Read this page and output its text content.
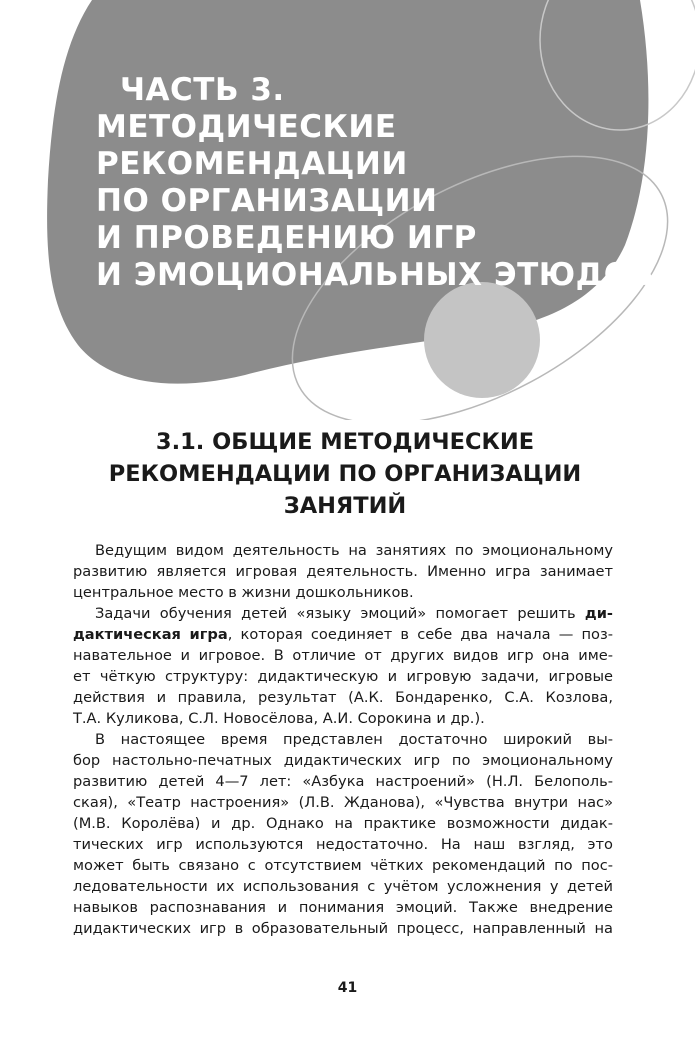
ЧАСТЬ 3.
МЕТОДИЧЕСКИЕ
РЕКОМЕНДАЦИИ
ПО ОРГАНИЗАЦИИ
И ПРОВЕДЕНИЮ ИГР
И ЭМОЦИОНАЛЬНЫХ ЭТЮДОВ
3.1. ОБЩИЕ МЕТОДИЧЕСКИЕ
РЕКОМЕНДАЦИИ ПО ОРГАНИЗАЦИИ
ЗАНЯТИЙ
Ведущим видом деятельность на занятиях по эмоциональному
развитию является игровая деятельность. Именно игра занимает
центральное место в жизни дошкольников.
Задачи обучения детей «языку эмоций» помогает решить ди-
дактическая игра, которая соединяет в себе два начала — поз-
навательное и игровое. В отличие от других видов игр она име-
ет чёткую структуру: дидактическую и игровую задачи, игровые
действия и правила, результат (А.К. Бондаренко, С.А. Козлова,
Т.А. Куликова, С.Л. Новосёлова, А.И. Сорокина и др.).
В настоящее время представлен достаточно широкий вы-
бор настольно-печатных дидактических игр по эмоциональному
развитию детей 4—7 лет: «Азбука настроений» (Н.Л. Белополь-
ская), «Театр настроения» (Л.В. Жданова), «Чувства внутри нас»
(М.В. Королёва) и др. Однако на практике возможности дидак-
тических игр используются недостаточно. На наш взгляд, это
может быть связано с отсутствием чётких рекомендаций по пос-
ледовательности их использования с учётом усложнения у детей
навыков распознавания и понимания эмоций. Также внедрение
дидактических игр в образовательный процесс, направленный на
41
